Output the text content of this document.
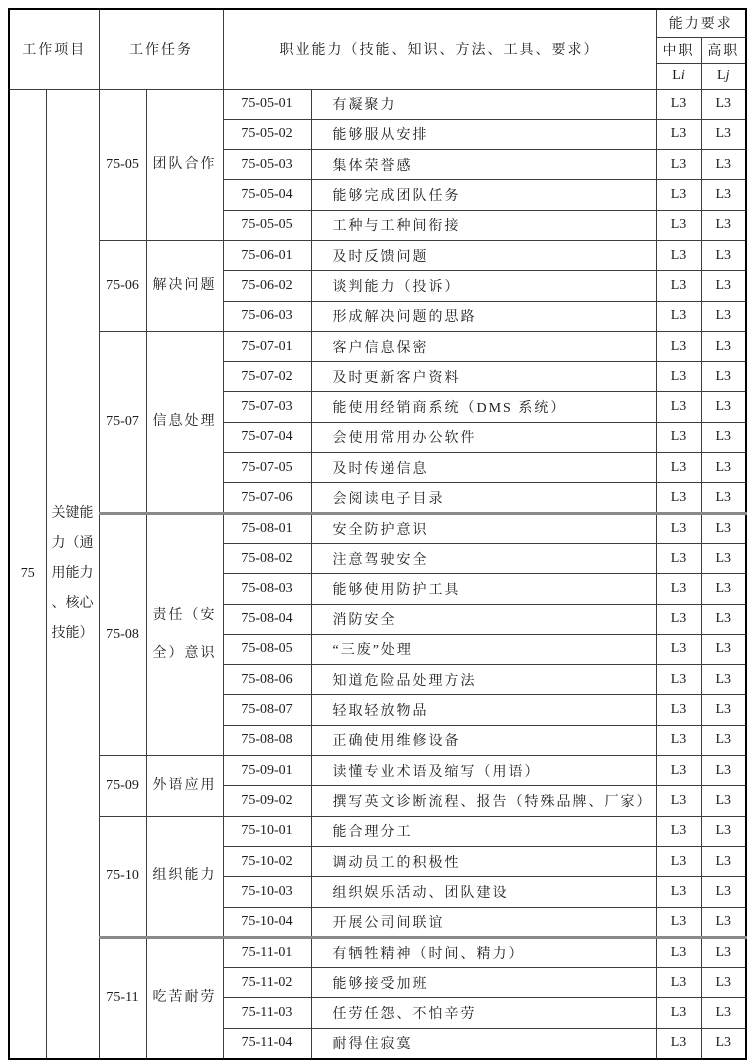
工作项目		工作任务		职业能力（技能、知识、方法、工具、要求）		能力要求	
						中职	高职
						Li	Lj
75	关键能力（通用能力、核心技能）	75-05	团队合作	75-05-01	有凝聚力	L3	L3
				75-05-02	能够服从安排	L3	L3
				75-05-03	集体荣誉感	L3	L3
				75-05-04	能够完成团队任务	L3	L3
				75-05-05	工种与工种间衔接	L3	L3
		75-06	解决问题	75-06-01	及时反馈问题	L3	L3
				75-06-02	谈判能力（投诉）	L3	L3
				75-06-03	形成解决问题的思路	L3	L3
		75-07	信息处理	75-07-01	客户信息保密	L3	L3
				75-07-02	及时更新客户资料	L3	L3
				75-07-03	能使用经销商系统（DMS 系统）	L3	L3
				75-07-04	会使用常用办公软件	L3	L3
				75-07-05	及时传递信息	L3	L3
				75-07-06	会阅读电子目录	L3	L3
		75-08	责任（安全）意识	75-08-01	安全防护意识	L3	L3
				75-08-02	注意驾驶安全	L3	L3
				75-08-03	能够使用防护工具	L3	L3
				75-08-04	消防安全	L3	L3
				75-08-05	“三废”处理	L3	L3
				75-08-06	知道危险品处理方法	L3	L3
				75-08-07	轻取轻放物品	L3	L3
				75-08-08	正确使用维修设备	L3	L3
		75-09	外语应用	75-09-01	读懂专业术语及缩写（用语）	L3	L3
				75-09-02	撰写英文诊断流程、报告（特殊品牌、厂家）	L3	L3
		75-10	组织能力	75-10-01	能合理分工	L3	L3
				75-10-02	调动员工的积极性	L3	L3
				75-10-03	组织娱乐活动、团队建设	L3	L3
				75-10-04	开展公司间联谊	L3	L3
		75-11	吃苦耐劳	75-11-01	有牺牲精神（时间、精力）	L3	L3
				75-11-02	能够接受加班	L3	L3
				75-11-03	任劳任怨、不怕辛劳	L3	L3
				75-11-04	耐得住寂寞	L3	L3
